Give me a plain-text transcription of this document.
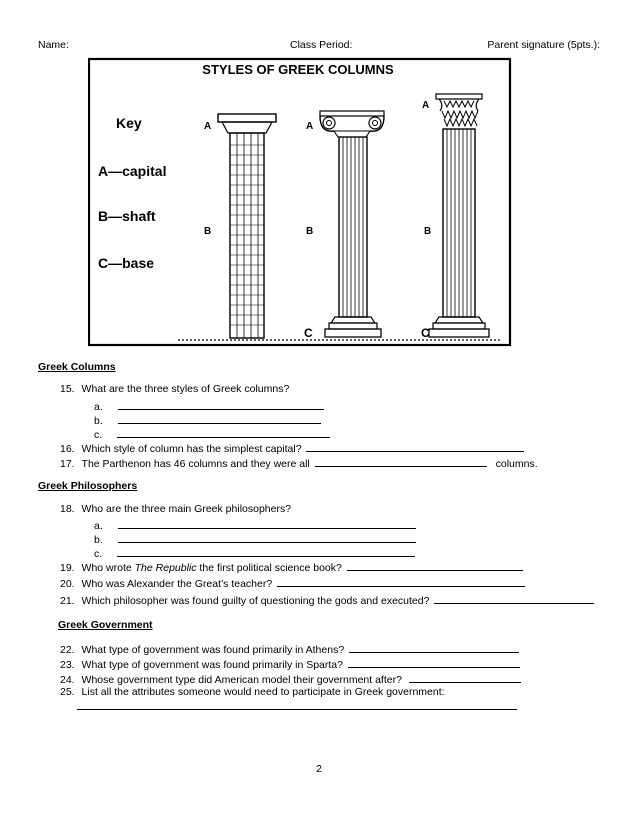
Name:	Class Period:	Parent signature (5pts.):
STYLES OF GREEK COLUMNS
Key
A—capital
B—shaft
C—base
A
B
A
B
C
A
B
C
Greek Columns
15. What are the three styles of Greek columns?
a.
b.
c.
16. Which style of column has the simplest capital?
17. The Parthenon has 46 columns and they were all	columns.
Greek Philosophers
18. Who are the three main Greek philosophers?
a.
b.
c.
19. Who wrote The Republic the first political science book?
20. Who was Alexander the Great’s teacher?
21. Which philosopher was found guilty of questioning the gods and executed?
Greek Government
22. What type of government was found primarily in Athens?
23. What type of government was found primarily in Sparta?
24. Whose government type did American model their government after?
25. List all the attributes someone would need to participate in Greek government:
2
